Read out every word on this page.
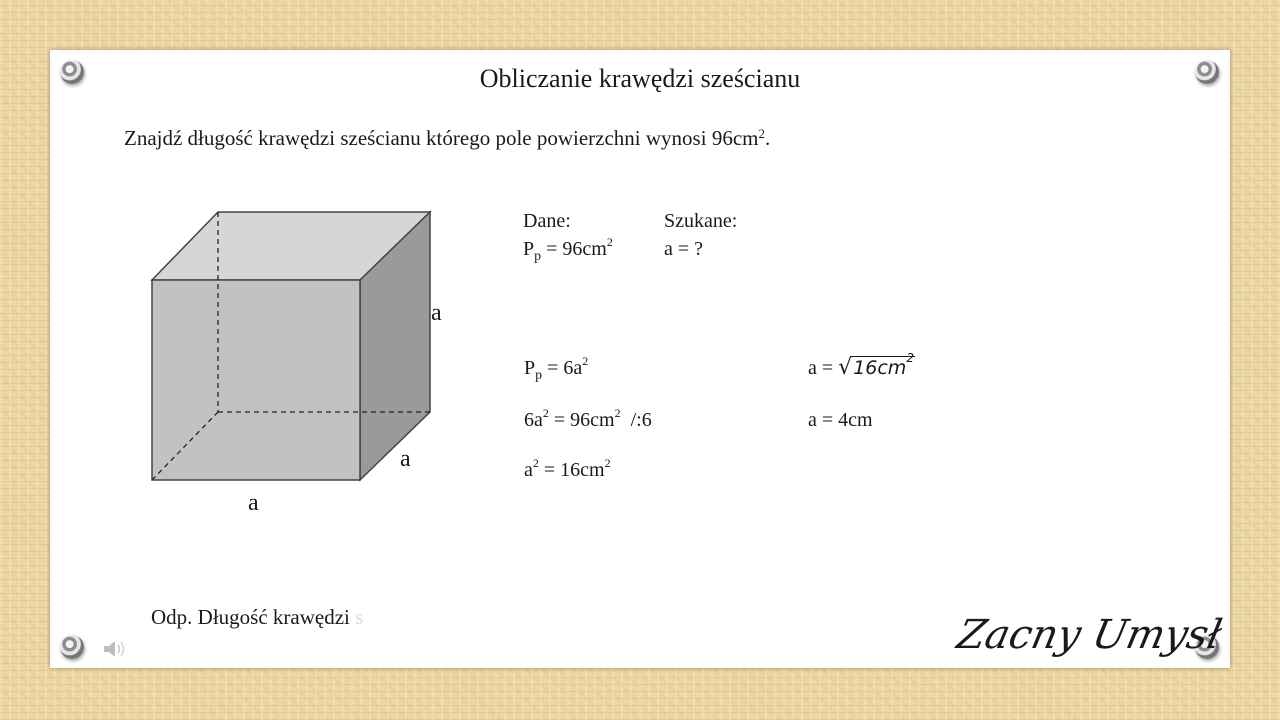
Obliczanie krawędzi sześcianu
Znajdź długość krawędzi sześcianu którego pole powierzchni wynosi $96cm^2$.
a
a
a
Dane:
$P_p = 96cm^2$
Szukane:
a = ?
$P_p = 6a^2$
$6a^2 = 96cm^2$  /:6
$a^2 = 16cm^2$
$a = √16cm^2$
a = 4cm
Odp. Długość krawędzi s	Zacny Umysł
